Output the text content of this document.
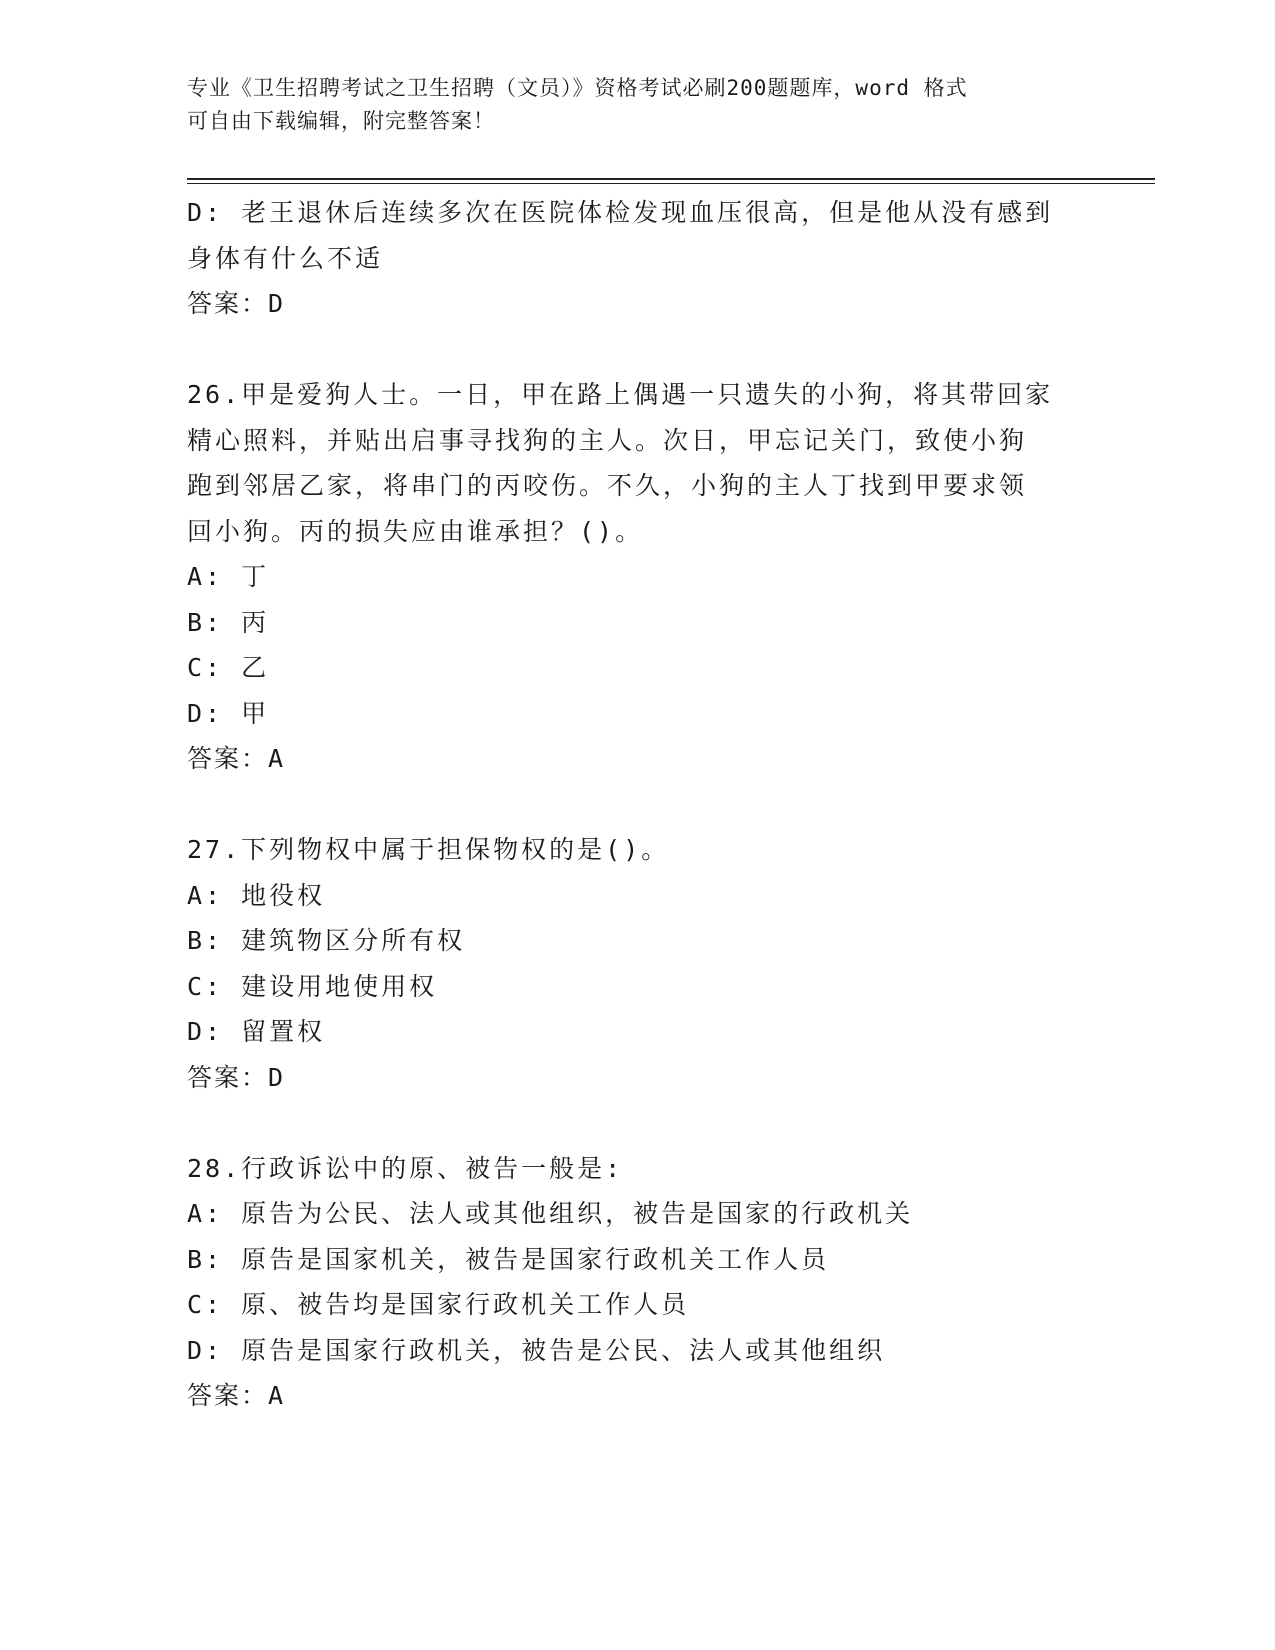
专业《卫生招聘考试之卫生招聘（文员）》资格考试必刷200题题库，word 格式
可自由下载编辑，附完整答案！
D: 老王退休后连续多次在医院体检发现血压很高，但是他从没有感到
身体有什么不适
答案：D
26.甲是爱狗人士。一日，甲在路上偶遇一只遗失的小狗，将其带回家
精心照料，并贴出启事寻找狗的主人。次日，甲忘记关门，致使小狗
跑到邻居乙家，将串门的丙咬伤。不久，小狗的主人丁找到甲要求领
回小狗。丙的损失应由谁承担？()。
A: 丁
B: 丙
C: 乙
D: 甲
答案：A
27.下列物权中属于担保物权的是()。
A: 地役权
B: 建筑物区分所有权
C: 建设用地使用权
D: 留置权
答案：D
28.行政诉讼中的原、被告一般是:
A: 原告为公民、法人或其他组织，被告是国家的行政机关
B: 原告是国家机关，被告是国家行政机关工作人员
C: 原、被告均是国家行政机关工作人员
D: 原告是国家行政机关，被告是公民、法人或其他组织
答案：A
